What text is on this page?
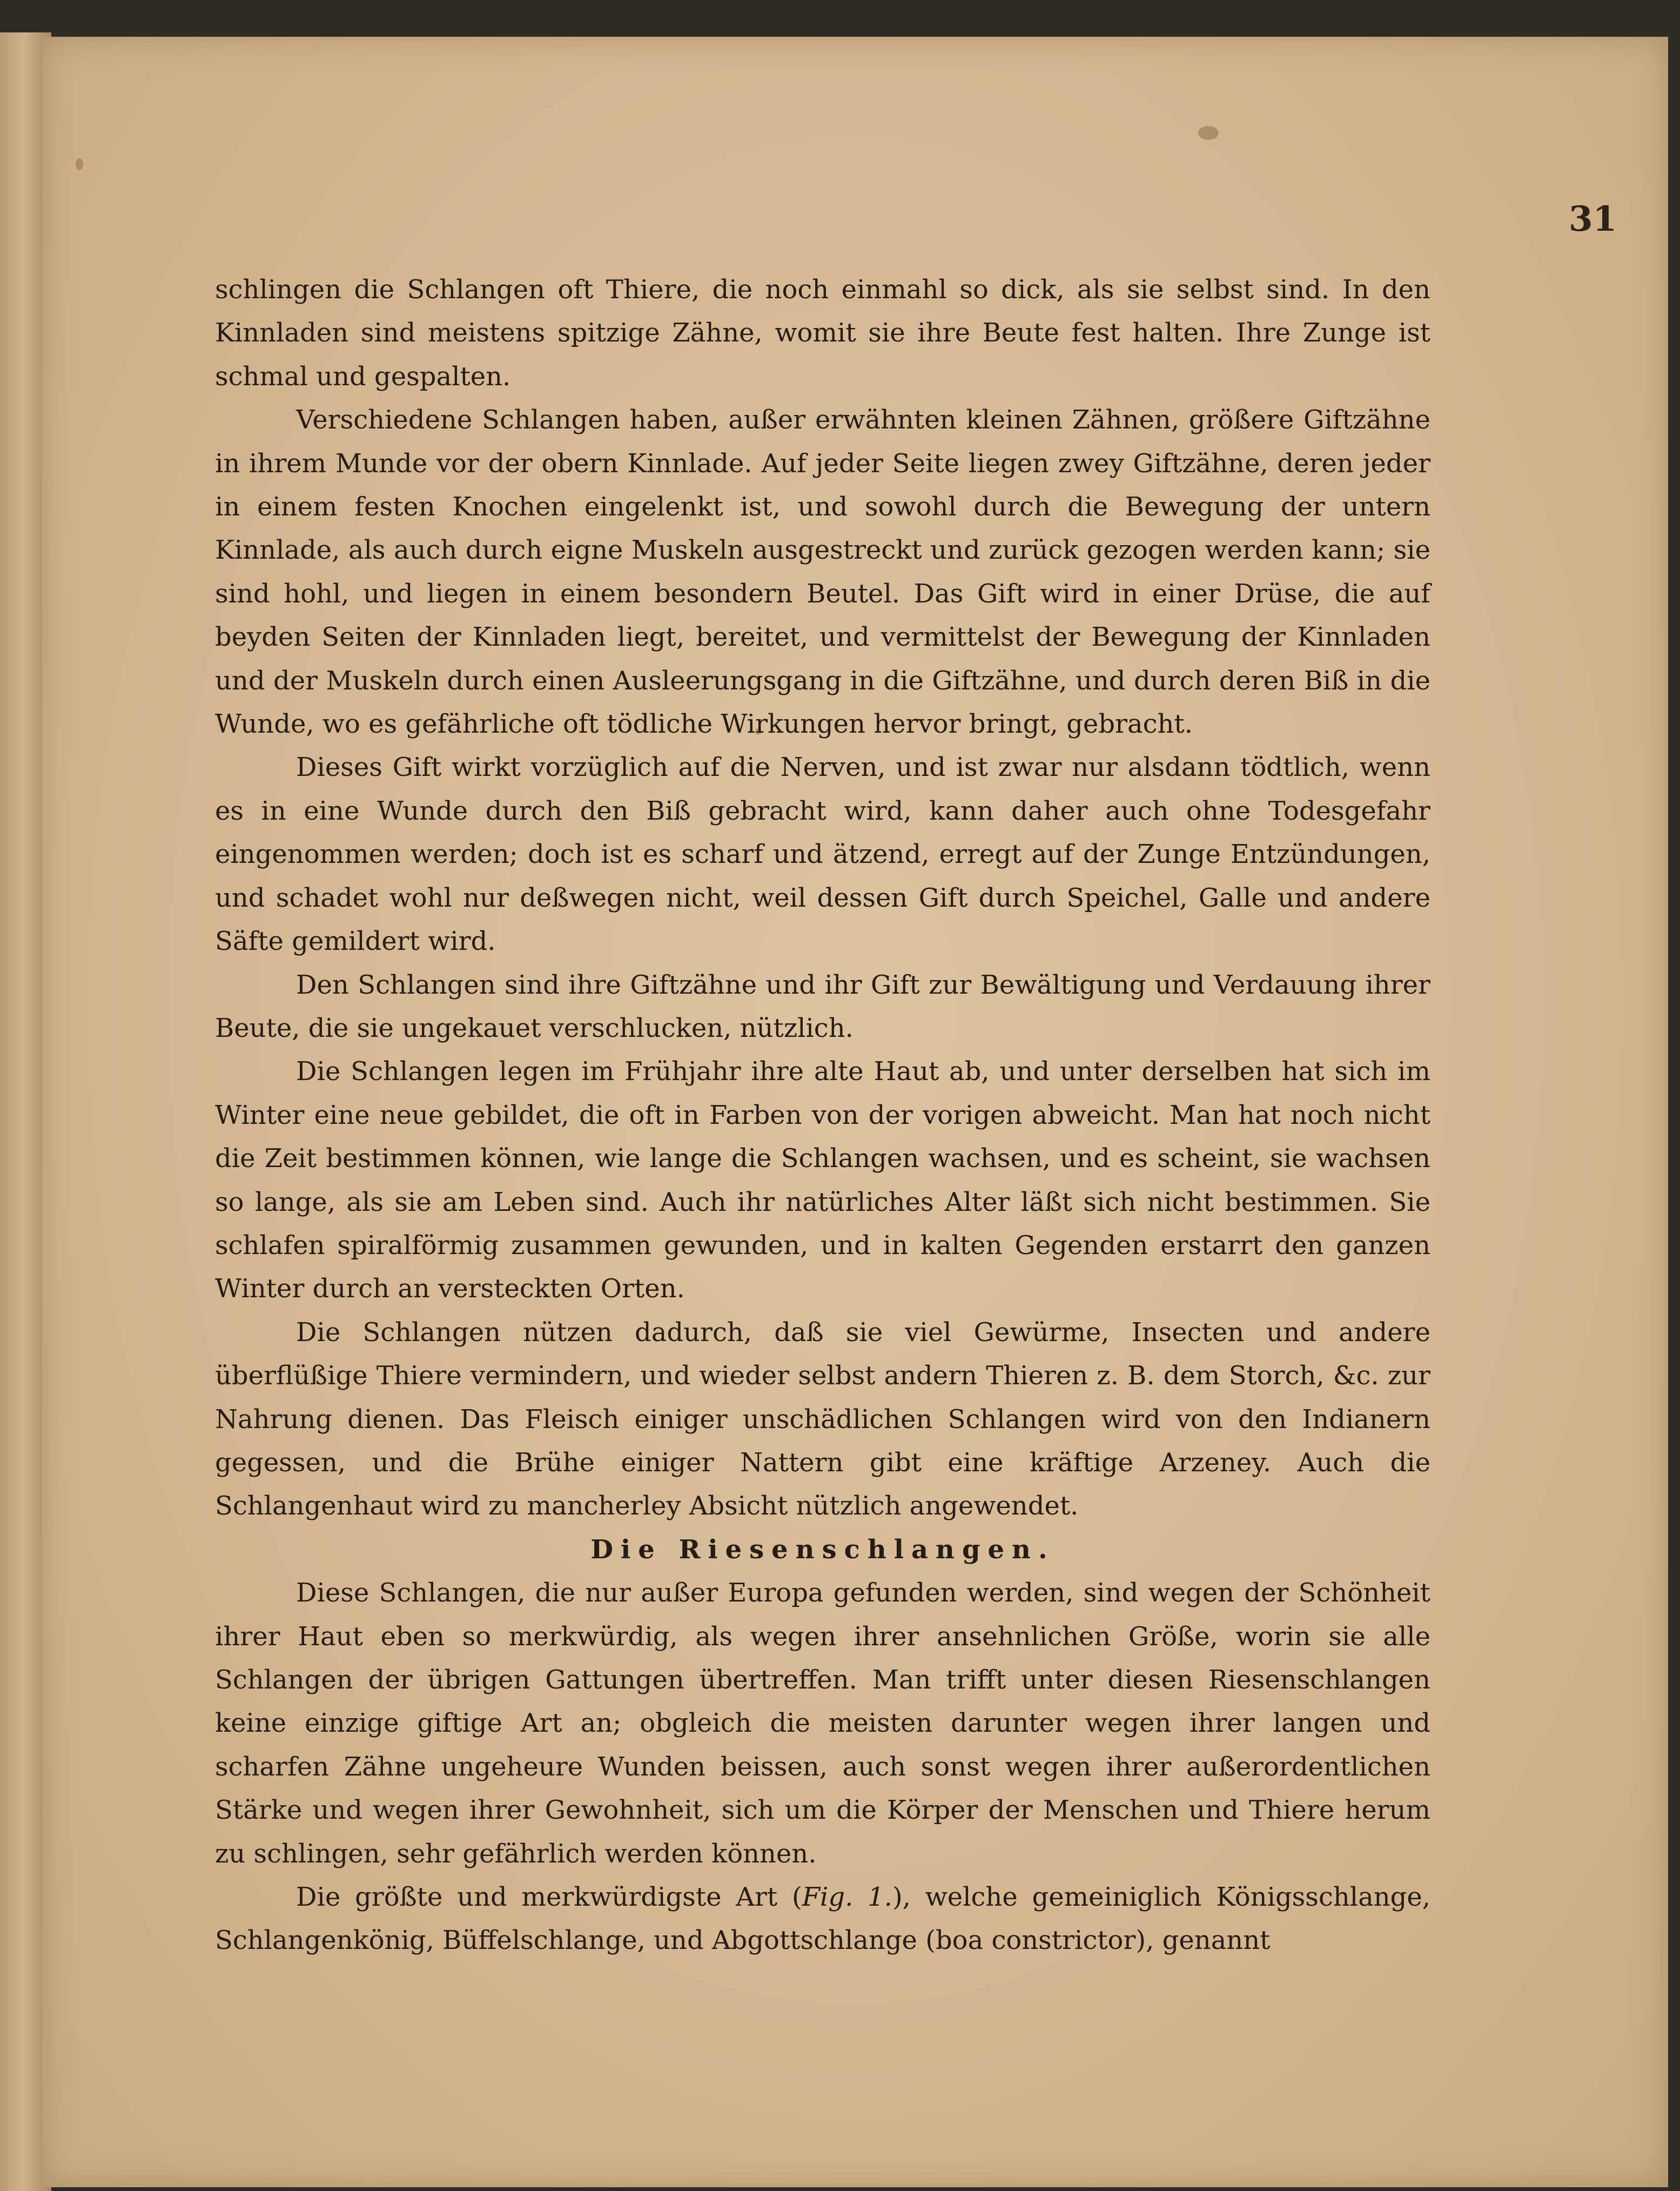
31

schlingen die Schlangen oft Thiere, die noch einmahl so dick, als sie selbst sind. In den Kinnladen sind meistens spitzige Zähne, womit sie ihre Beute fest halten. Ihre Zunge ist schmal und gespalten.

Verschiedene Schlangen haben, außer erwähnten kleinen Zähnen, größere Giftzähne in ihrem Munde vor der obern Kinnlade. Auf jeder Seite liegen zwey Giftzähne, deren jeder in einem festen Knochen eingelenkt ist, und sowohl durch die Bewegung der untern Kinnlade, als auch durch eigne Muskeln ausgestreckt und zurück gezogen werden kann; sie sind hohl, und liegen in einem besondern Beutel. Das Gift wird in einer Drüse, die auf beyden Seiten der Kinnladen liegt, bereitet, und vermittelst der Bewegung der Kinnladen und der Muskeln durch einen Ausleerungsgang in die Giftzähne, und durch deren Biß in die Wunde, wo es gefährliche oft tödliche Wirkungen hervor bringt, gebracht.

Dieses Gift wirkt vorzüglich auf die Nerven, und ist zwar nur alsdann tödtlich, wenn es in eine Wunde durch den Biß gebracht wird, kann daher auch ohne Todesgefahr eingenommen werden; doch ist es scharf und ätzend, erregt auf der Zunge Entzündungen, und schadet wohl nur deßwegen nicht, weil dessen Gift durch Speichel, Galle und andere Säfte gemildert wird.

Den Schlangen sind ihre Giftzähne und ihr Gift zur Bewältigung und Verdauung ihrer Beute, die sie ungekauet verschlucken, nützlich.

Die Schlangen legen im Frühjahr ihre alte Haut ab, und unter derselben hat sich im Winter eine neue gebildet, die oft in Farben von der vorigen abweicht. Man hat noch nicht die Zeit bestimmen können, wie lange die Schlangen wachsen, und es scheint, sie wachsen so lange, als sie am Leben sind. Auch ihr natürliches Alter läßt sich nicht bestimmen. Sie schlafen spiralförmig zusammen gewunden, und in kalten Gegenden erstarrt den ganzen Winter durch an versteckten Orten.

Die Schlangen nützen dadurch, daß sie viel Gewürme, Insecten und andere überflüßige Thiere vermindern, und wieder selbst andern Thieren z. B. dem Storch, &c. zur Nahrung dienen. Das Fleisch einiger unschädlichen Schlangen wird von den Indianern gegessen, und die Brühe einiger Nattern gibt eine kräftige Arzeney. Auch die Schlangenhaut wird zu mancherley Absicht nützlich angewendet.

Die Riesenschlangen.

Diese Schlangen, die nur außer Europa gefunden werden, sind wegen der Schönheit ihrer Haut eben so merkwürdig, als wegen ihrer ansehnlichen Größe, worin sie alle Schlangen der übrigen Gattungen übertreffen. Man trifft unter diesen Riesenschlangen keine einzige giftige Art an; obgleich die meisten darunter wegen ihrer langen und scharfen Zähne ungeheure Wunden beissen, auch sonst wegen ihrer außerordentlichen Stärke und wegen ihrer Gewohnheit, sich um die Körper der Menschen und Thiere herum zu schlingen, sehr gefährlich werden können.

Die größte und merkwürdigste Art (Fig. 1.), welche gemeiniglich Königsschlange, Schlangenkönig, Büffelschlange, und Abgottschlange (boa constrictor), genannt
